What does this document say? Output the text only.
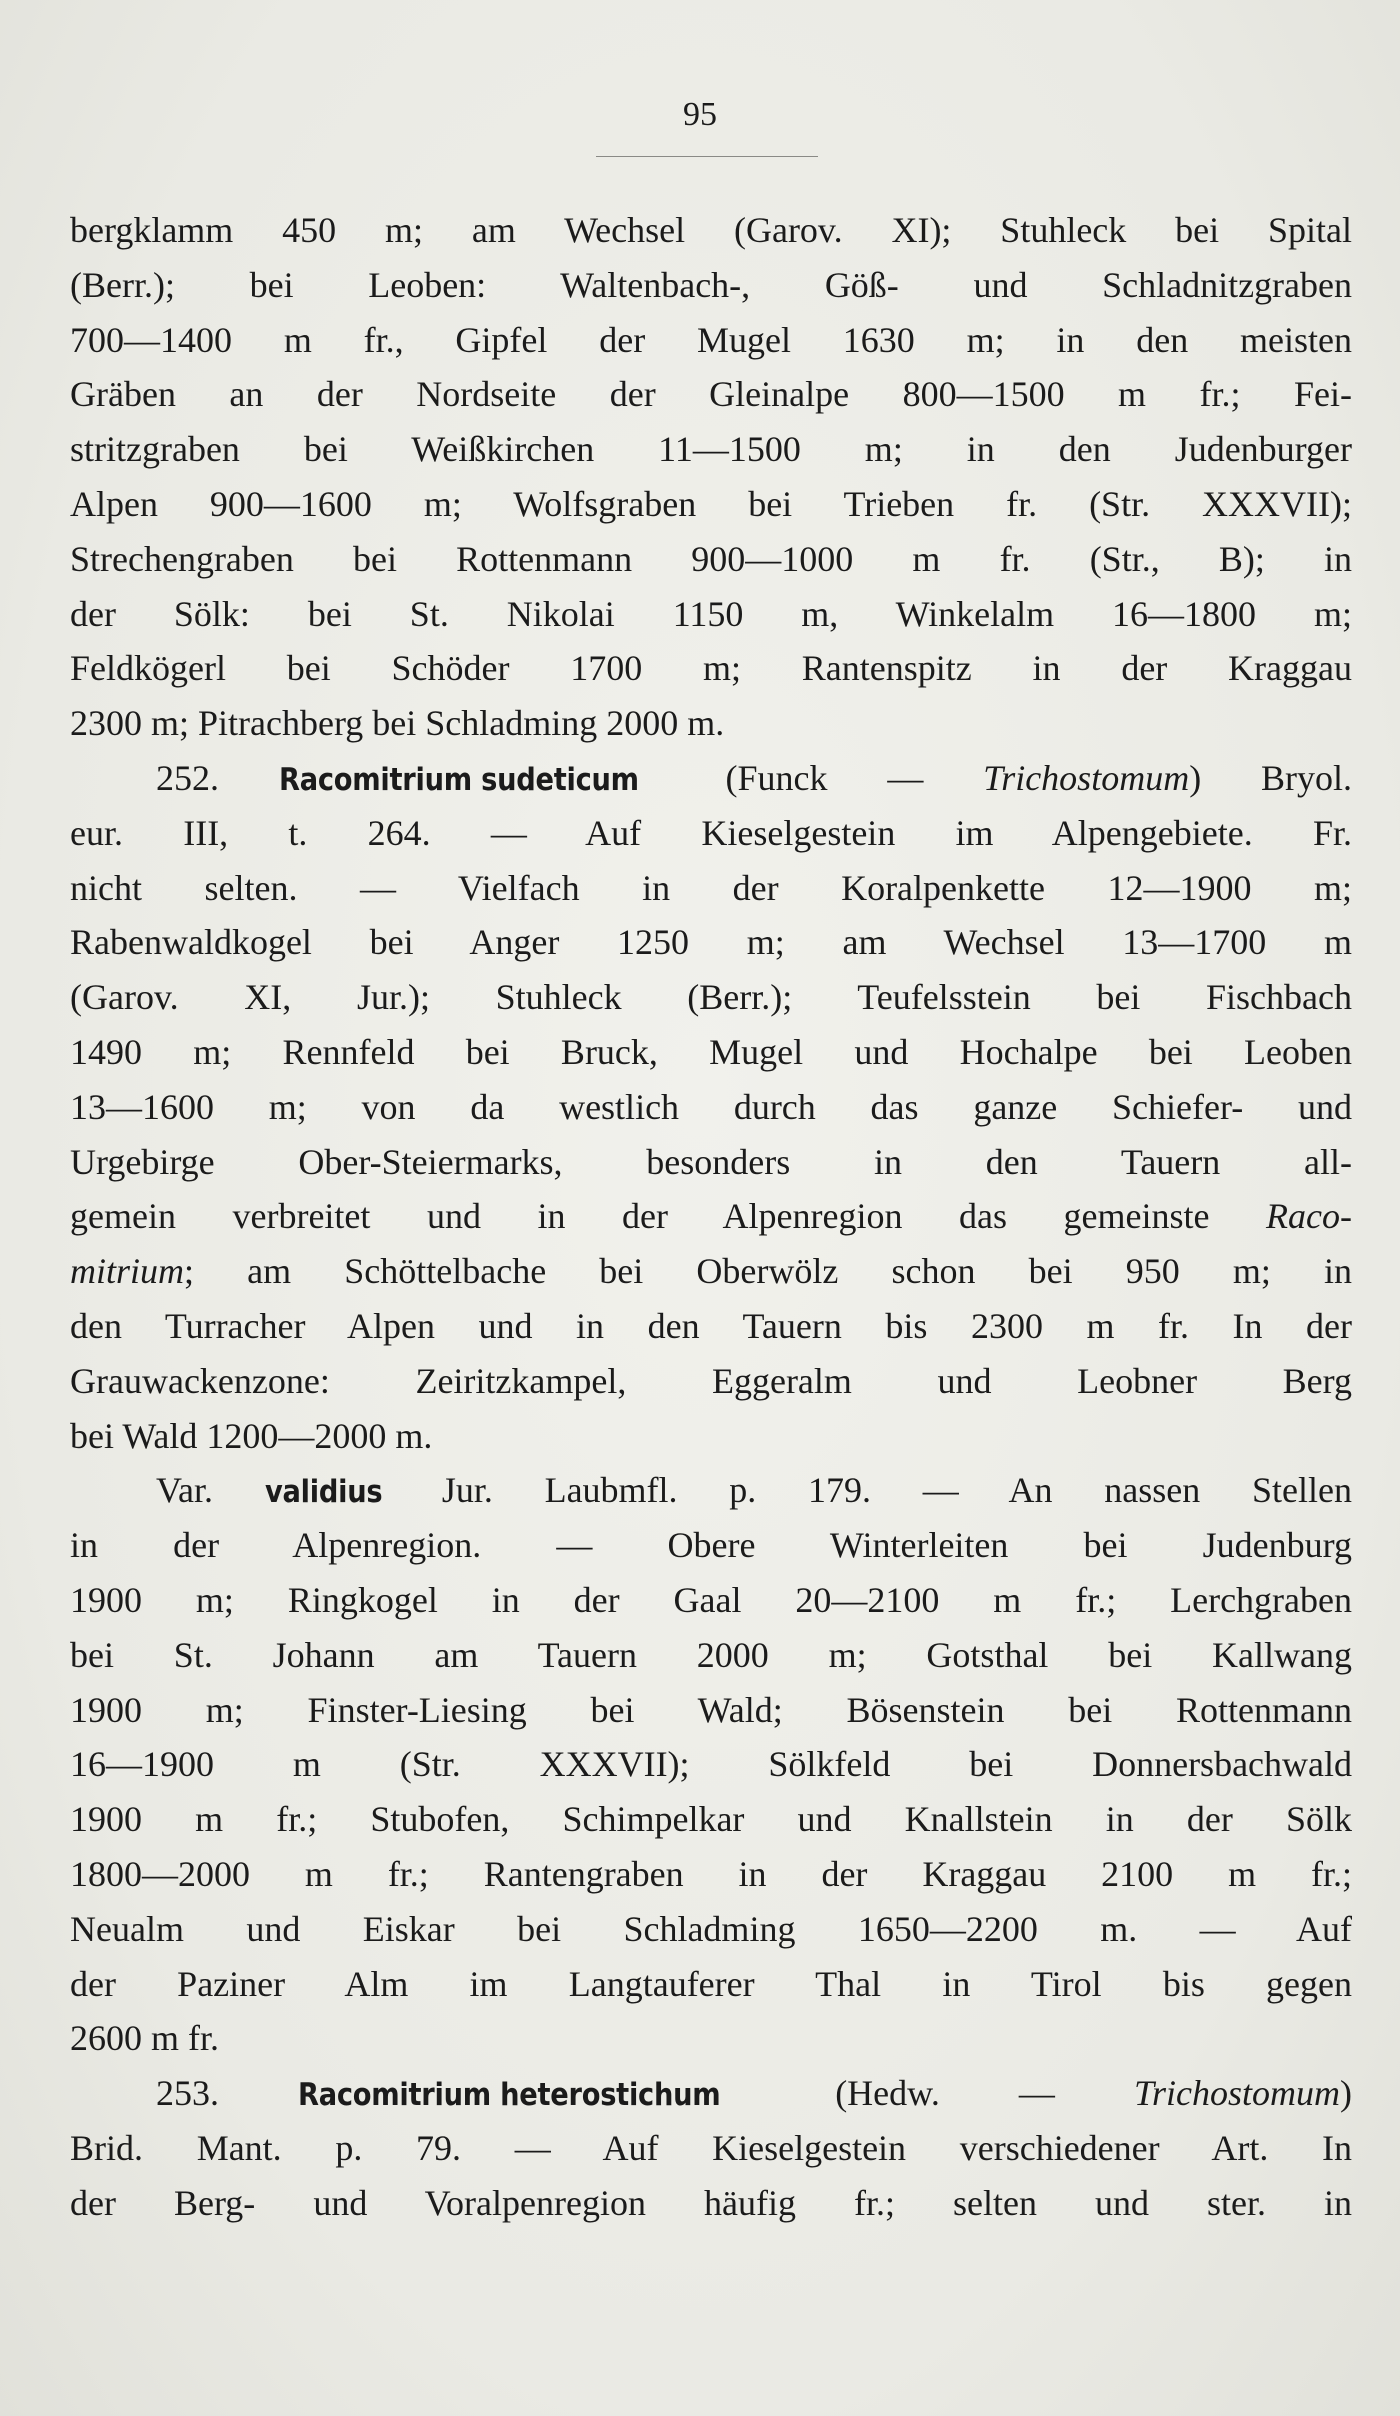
95
bergklamm 450 m; am Wechsel (Garov. XI); Stuhleck bei Spital
(Berr.); bei Leoben: Waltenbach-, Göß- und Schladnitzgraben
700—1400 m fr., Gipfel der Mugel 1630 m; in den meisten
Gräben an der Nordseite der Gleinalpe 800—1500 m fr.; Fei-
stritzgraben bei Weißkirchen 11—1500 m; in den Judenburger
Alpen 900—1600 m; Wolfsgraben bei Trieben fr. (Str. XXXVII);
Strechengraben bei Rottenmann 900—1000 m fr. (Str., B); in
der Sölk: bei St. Nikolai 1150 m, Winkelalm 16—1800 m;
Feldkögerl bei Schöder 1700 m; Rantenspitz in der Kraggau
2300 m; Pitrachberg bei Schladming 2000 m.
252. Racomitrium sudeticum (Funck — Trichostomum) Bryol.
eur. III, t. 264. — Auf Kieselgestein im Alpengebiete. Fr.
nicht selten. — Vielfach in der Koralpenkette 12—1900 m;
Rabenwaldkogel bei Anger 1250 m; am Wechsel 13—1700 m
(Garov. XI, Jur.); Stuhleck (Berr.); Teufelsstein bei Fischbach
1490 m; Rennfeld bei Bruck, Mugel und Hochalpe bei Leoben
13—1600 m; von da westlich durch das ganze Schiefer- und
Urgebirge Ober-Steiermarks, besonders in den Tauern all-
gemein verbreitet und in der Alpenregion das gemeinste Raco-
mitrium; am Schöttelbache bei Oberwölz schon bei 950 m; in
den Turracher Alpen und in den Tauern bis 2300 m fr. In der
Grauwackenzone: Zeiritzkampel, Eggeralm und Leobner Berg
bei Wald 1200—2000 m.
Var. validius Jur. Laubmfl. p. 179. — An nassen Stellen
in der Alpenregion. — Obere Winterleiten bei Judenburg
1900 m; Ringkogel in der Gaal 20—2100 m fr.; Lerchgraben
bei St. Johann am Tauern 2000 m; Gotsthal bei Kallwang
1900 m; Finster-Liesing bei Wald; Bösenstein bei Rottenmann
16—1900 m (Str. XXXVII); Sölkfeld bei Donnersbachwald
1900 m fr.; Stubofen, Schimpelkar und Knallstein in der Sölk
1800—2000 m fr.; Rantengraben in der Kraggau 2100 m fr.;
Neualm und Eiskar bei Schladming 1650—2200 m. — Auf
der Paziner Alm im Langtauferer Thal in Tirol bis gegen
2600 m fr.
253.	Racomitrium heterostichum	(Hedw. — Trichostomum)
Brid. Mant. p. 79. — Auf Kieselgestein verschiedener Art. In
der Berg- und Voralpenregion häufig fr.; selten und ster. in
